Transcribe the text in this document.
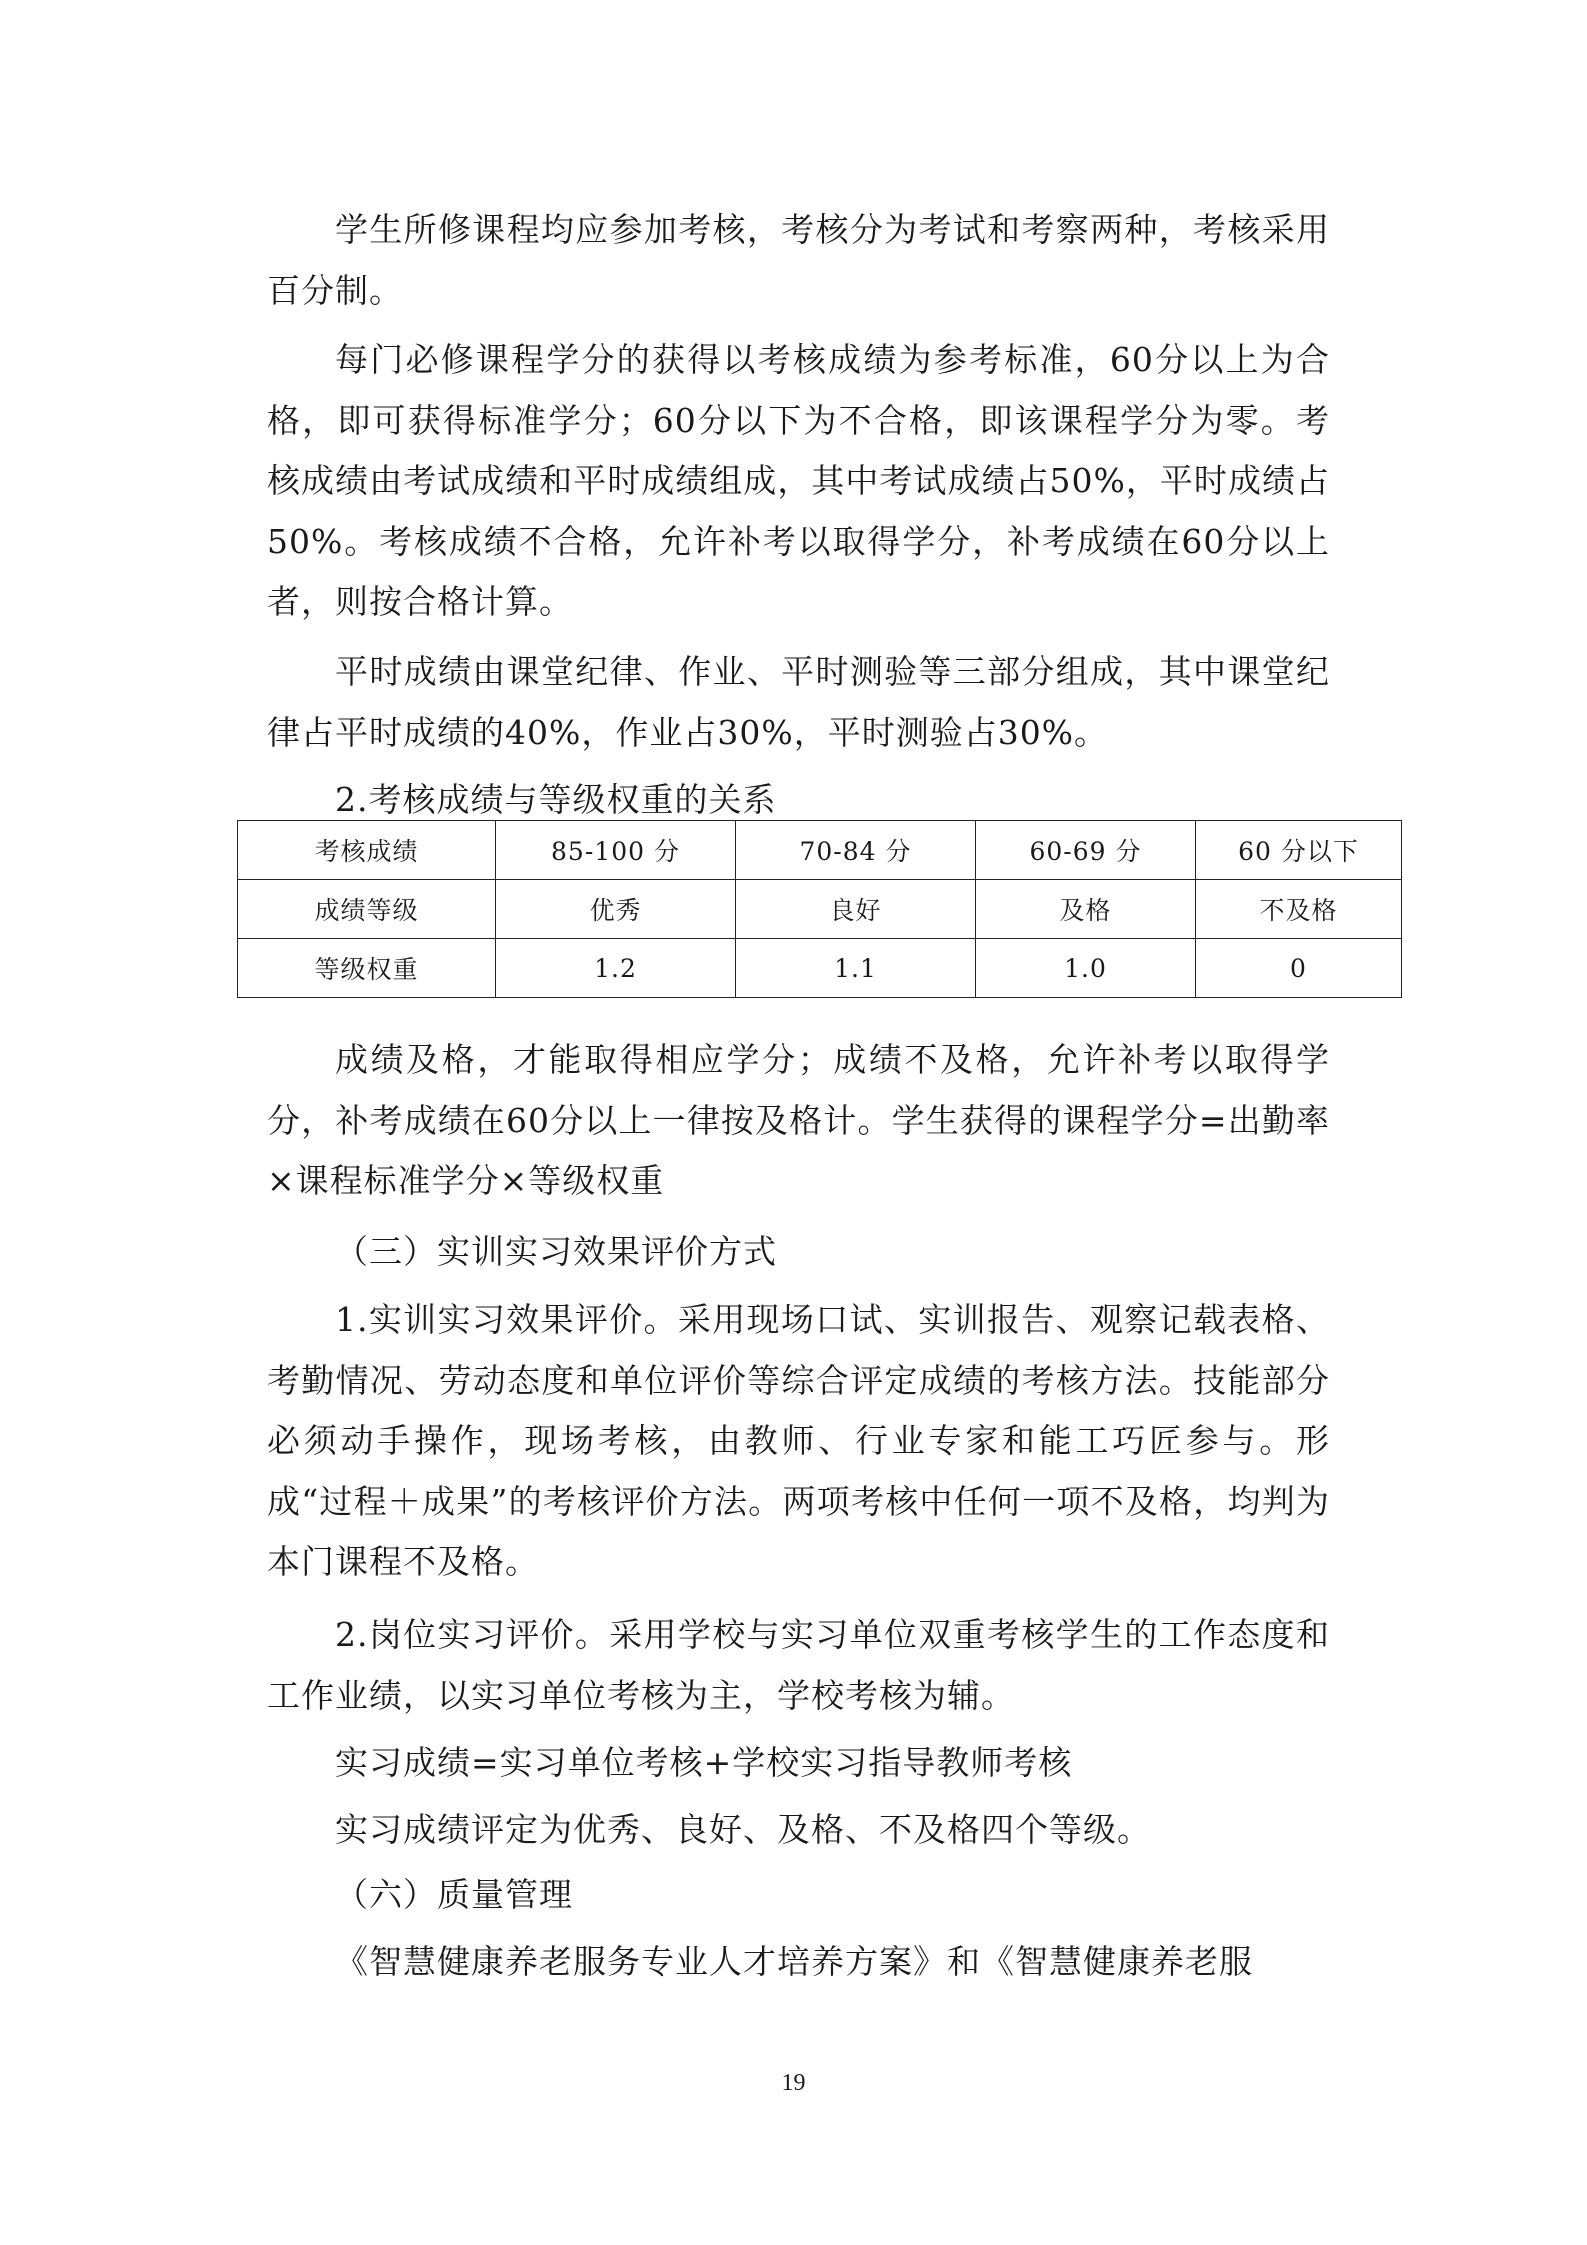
学生所修课程均应参加考核，考核分为考试和考察两种，考核采用百分制。

每门必修课程学分的获得以考核成绩为参考标准，60分以上为合格，即可获得标准学分；60分以下为不合格，即该课程学分为零。考核成绩由考试成绩和平时成绩组成，其中考试成绩占50%，平时成绩占50%。考核成绩不合格，允许补考以取得学分，补考成绩在60分以上者，则按合格计算。

平时成绩由课堂纪律、作业、平时测验等三部分组成，其中课堂纪律占平时成绩的40%，作业占30%，平时测验占30%。

2.考核成绩与等级权重的关系

考核成绩	85-100 分	70-84 分	60-69 分	60 分以下
成绩等级	优秀	良好	及格	不及格
等级权重	1.2	1.1	1.0	0

成绩及格，才能取得相应学分；成绩不及格，允许补考以取得学分，补考成绩在60分以上一律按及格计。学生获得的课程学分=出勤率×课程标准学分×等级权重

（三）实训实习效果评价方式

1.实训实习效果评价。采用现场口试、实训报告、观察记载表格、考勤情况、劳动态度和单位评价等综合评定成绩的考核方法。技能部分必须动手操作，现场考核，由教师、行业专家和能工巧匠参与。形成“过程＋成果”的考核评价方法。两项考核中任何一项不及格，均判为本门课程不及格。

2.岗位实习评价。采用学校与实习单位双重考核学生的工作态度和工作业绩，以实习单位考核为主，学校考核为辅。

实习成绩=实习单位考核+学校实习指导教师考核

实习成绩评定为优秀、良好、及格、不及格四个等级。

（六）质量管理

《智慧健康养老服务专业人才培养方案》和《智慧健康养老服

19
